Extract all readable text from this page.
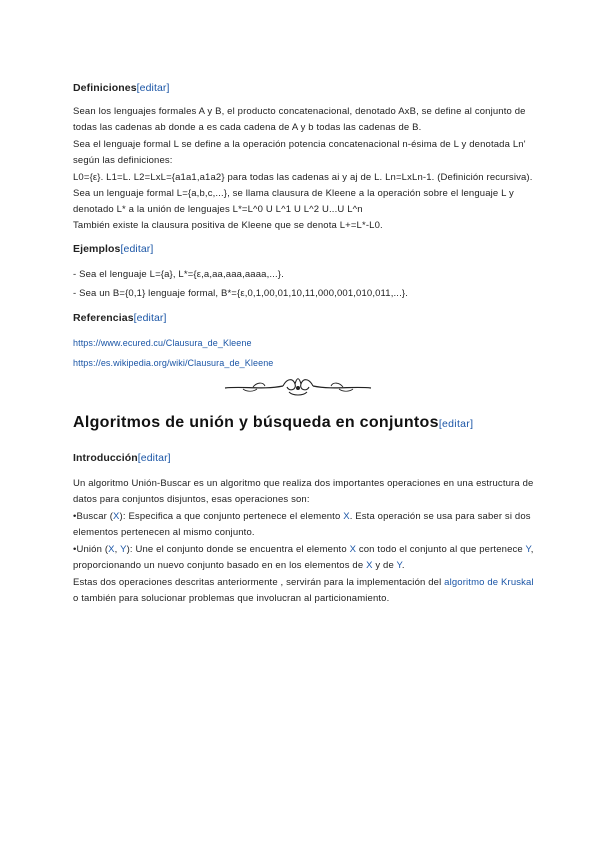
Definiciones[editar]
Sean los lenguajes formales A y B, el producto concatenacional, denotado AxB, se define al conjunto de todas las cadenas ab donde a es cada cadena de A y b todas las cadenas de B.
Sea el lenguaje formal L se define a la operación potencia concatenacional n-ésima de L y denotada Ln' según las definiciones:
L0={ε}. L1=L. L2=LxL={a1a1,a1a2} para todas las cadenas ai y aj de L. Ln=LxLn-1. (Definición recursiva). Sea un lenguaje formal L={a,b,c,...}, se llama clausura de Kleene a la operación sobre el lenguaje L y denotado L* a la unión de lenguajes L*=L^0 U L^1 U L^2 U...U L^n
También existe la clausura positiva de Kleene que se denota L+=L*-L0.
Ejemplos[editar]
- Sea el lenguaje L={a}, L*={ε,a,aa,aaa,aaaa,...}.
- Sea un B={0,1} lenguaje formal, B*={ε,0,1,00,01,10,11,000,001,010,011,...}.
Referencias[editar]
https://www.ecured.cu/Clausura_de_Kleene
https://es.wikipedia.org/wiki/Clausura_de_Kleene
Algoritmos de unión y búsqueda en conjuntos[editar]
Introducción[editar]
Un algoritmo Unión-Buscar es un algoritmo que realiza dos importantes operaciones en una estructura de datos para conjuntos disjuntos, esas operaciones son:
•Buscar (X): Especifica a que conjunto pertenece el elemento X. Esta operación se usa para saber si dos elementos pertenecen al mismo conjunto.
•Unión (X, Y): Une el conjunto donde se encuentra el elemento X con todo el conjunto al que pertenece Y, proporcionando un nuevo conjunto basado en en los elementos de X y de Y.
Estas dos operaciones descritas anteriormente , servirán para la implementación del algoritmo de Kruskal o también para solucionar problemas que involucran al particionamiento.
